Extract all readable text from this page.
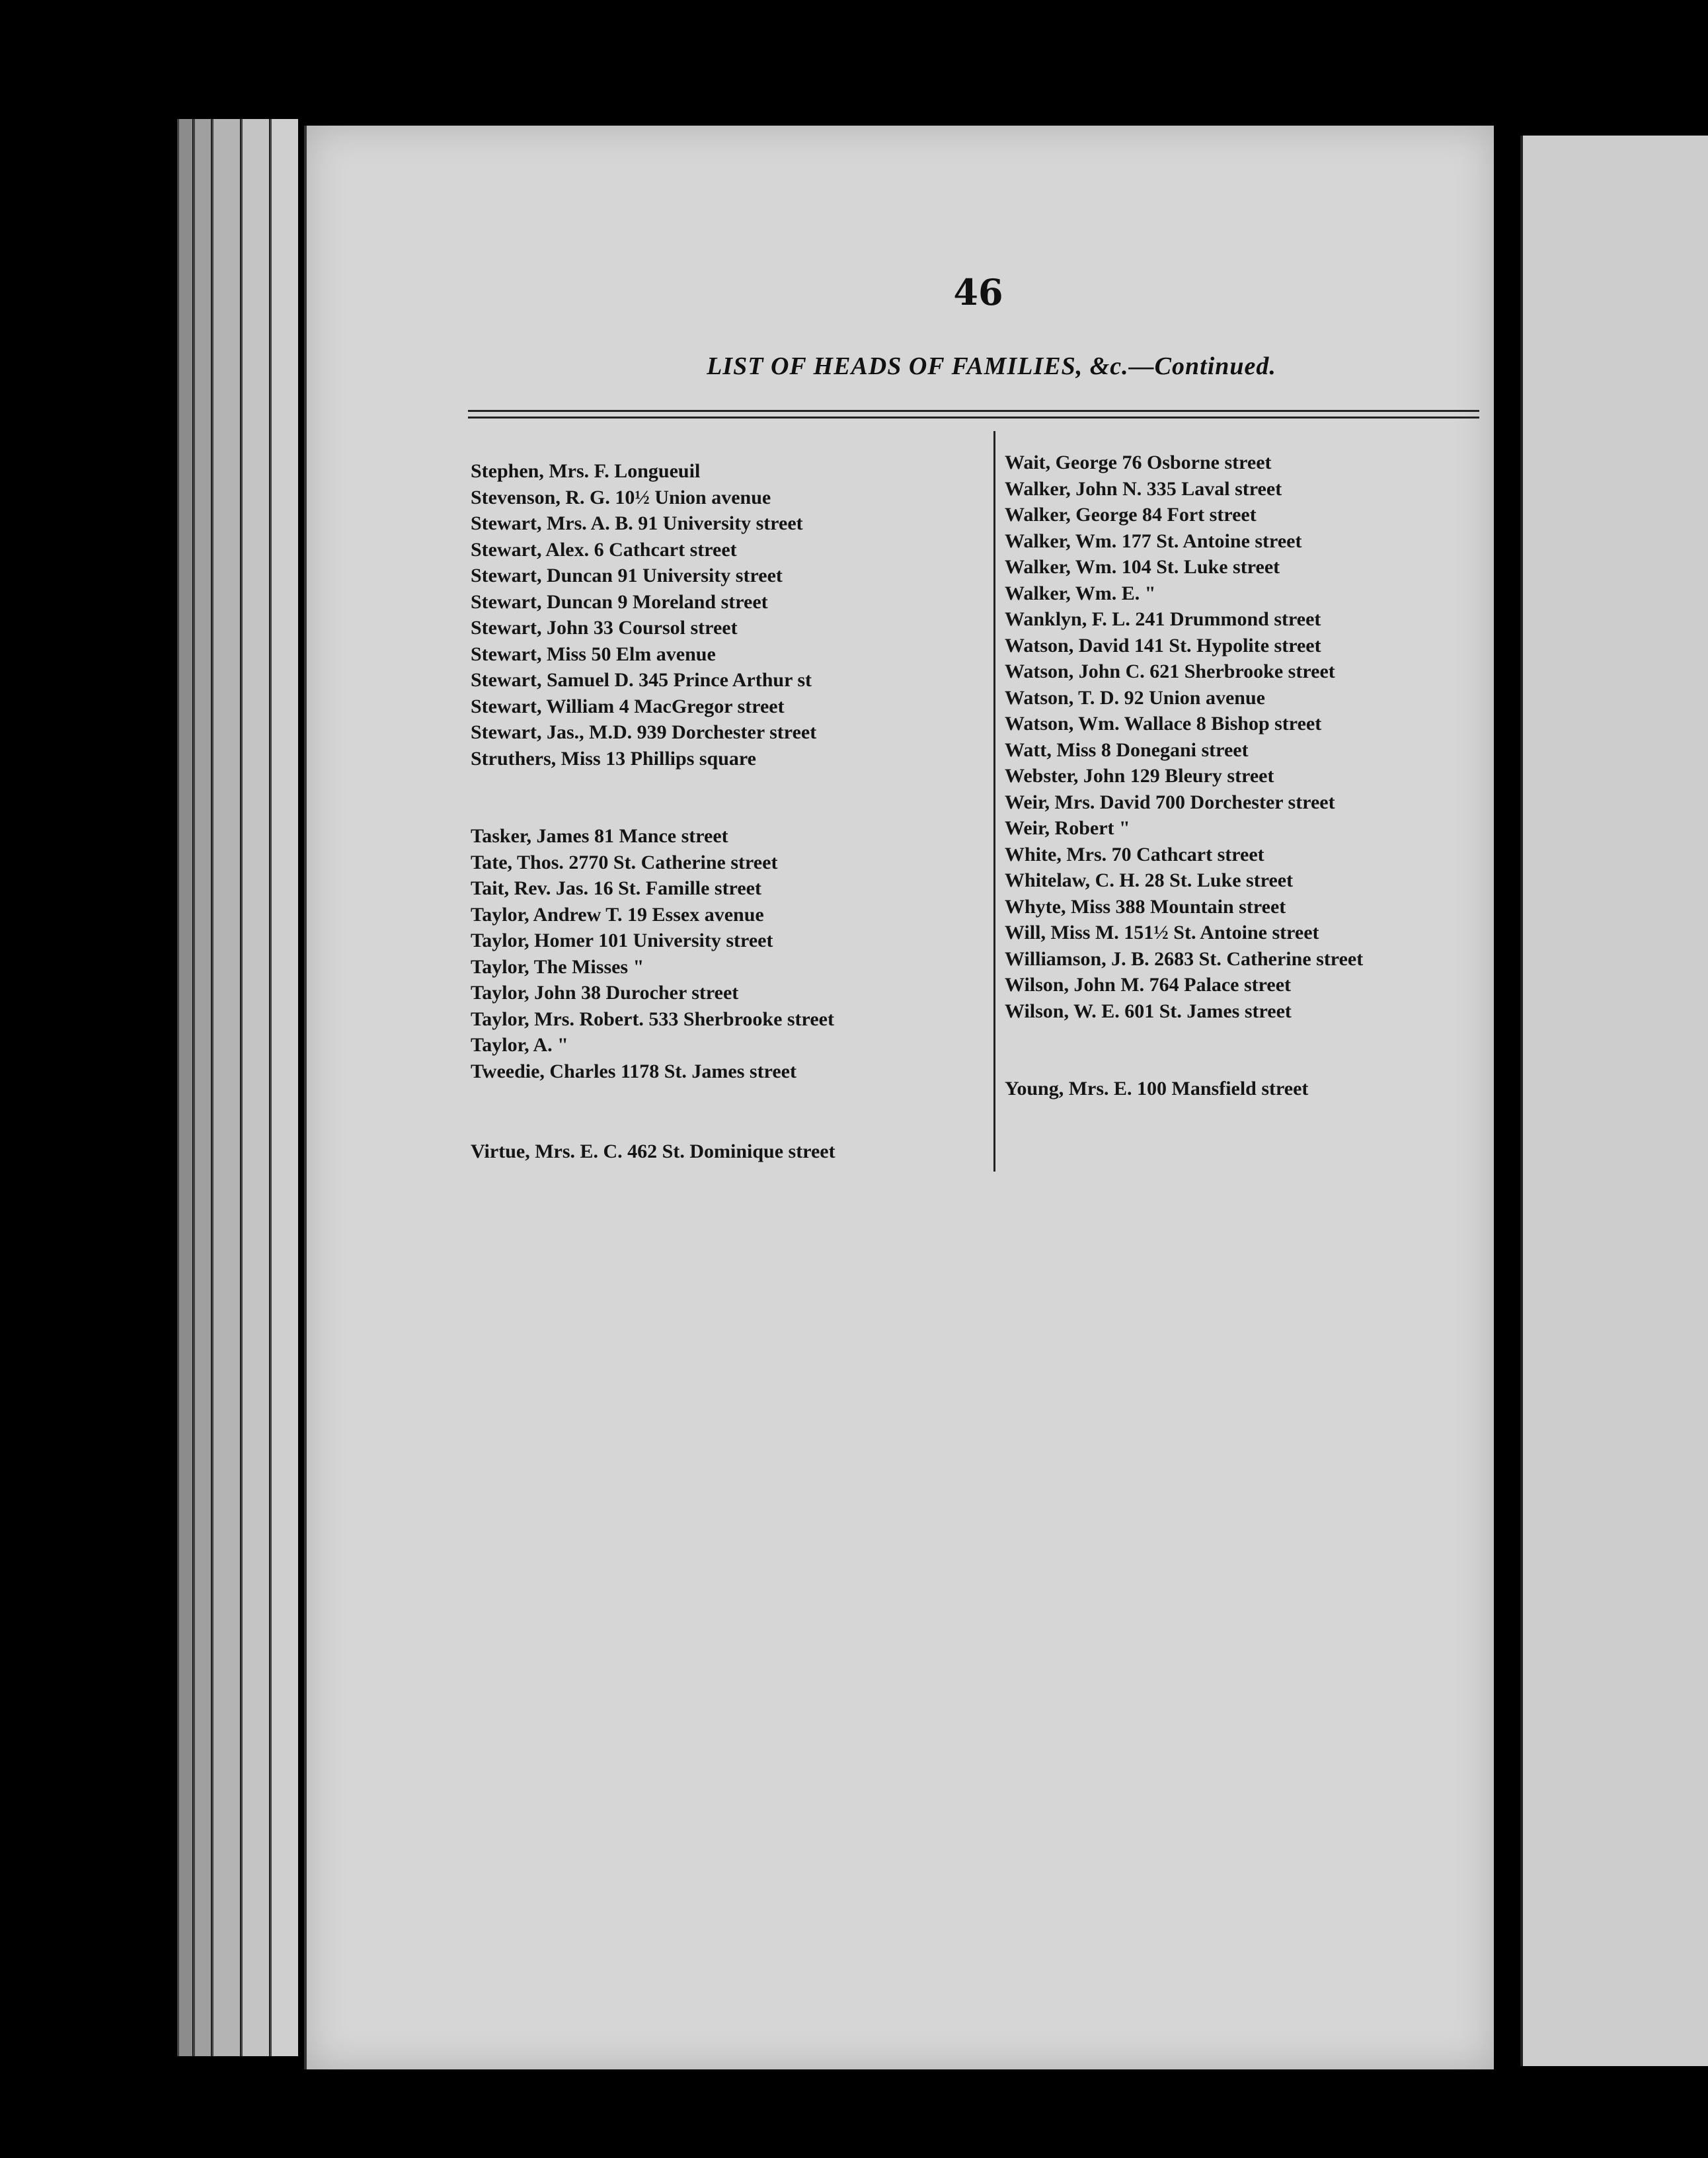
46
LIST OF HEADS OF FAMILIES, &c.—Continued.
Stephen, Mrs. F. Longueuil
Stevenson, R. G. 10½ Union avenue
Stewart, Mrs. A. B. 91 University street
Stewart, Alex. 6 Cathcart street
Stewart, Duncan 91 University street
Stewart, Duncan 9 Moreland street
Stewart, John 33 Coursol street
Stewart, Miss 50 Elm avenue
Stewart, Samuel D. 345 Prince Arthur st
Stewart, William 4 MacGregor street
Stewart, Jas., M.D. 939 Dorchester street
Struthers, Miss 13 Phillips square
Tasker, James 81 Mance street
Tate, Thos. 2770 St. Catherine street
Tait, Rev. Jas. 16 St. Famille street
Taylor, Andrew T. 19 Essex avenue
Taylor, Homer 101 University street
Taylor, The Misses "
Taylor, John 38 Durocher street
Taylor, Mrs. Robert. 533 Sherbrooke street
Taylor, A. "
Tweedie, Charles 1178 St. James street
Virtue, Mrs. E. C. 462 St. Dominique street
Wait, George 76 Osborne street
Walker, John N. 335 Laval street
Walker, George 84 Fort street
Walker, Wm. 177 St. Antoine street
Walker, Wm. 104 St. Luke street
Walker, Wm. E. "
Wanklyn, F. L. 241 Drummond street
Watson, David 141 St. Hypolite street
Watson, John C. 621 Sherbrooke street
Watson, T. D. 92 Union avenue
Watson, Wm. Wallace 8 Bishop street
Watt, Miss 8 Donegani street
Webster, John 129 Bleury street
Weir, Mrs. David 700 Dorchester street
Weir, Robert "
White, Mrs. 70 Cathcart street
Whitelaw, C. H. 28 St. Luke street
Whyte, Miss 388 Mountain street
Will, Miss M. 151½ St. Antoine street
Williamson, J. B. 2683 St. Catherine street
Wilson, John M. 764 Palace street
Wilson, W. E. 601 St. James street
Young, Mrs. E. 100 Mansfield street
